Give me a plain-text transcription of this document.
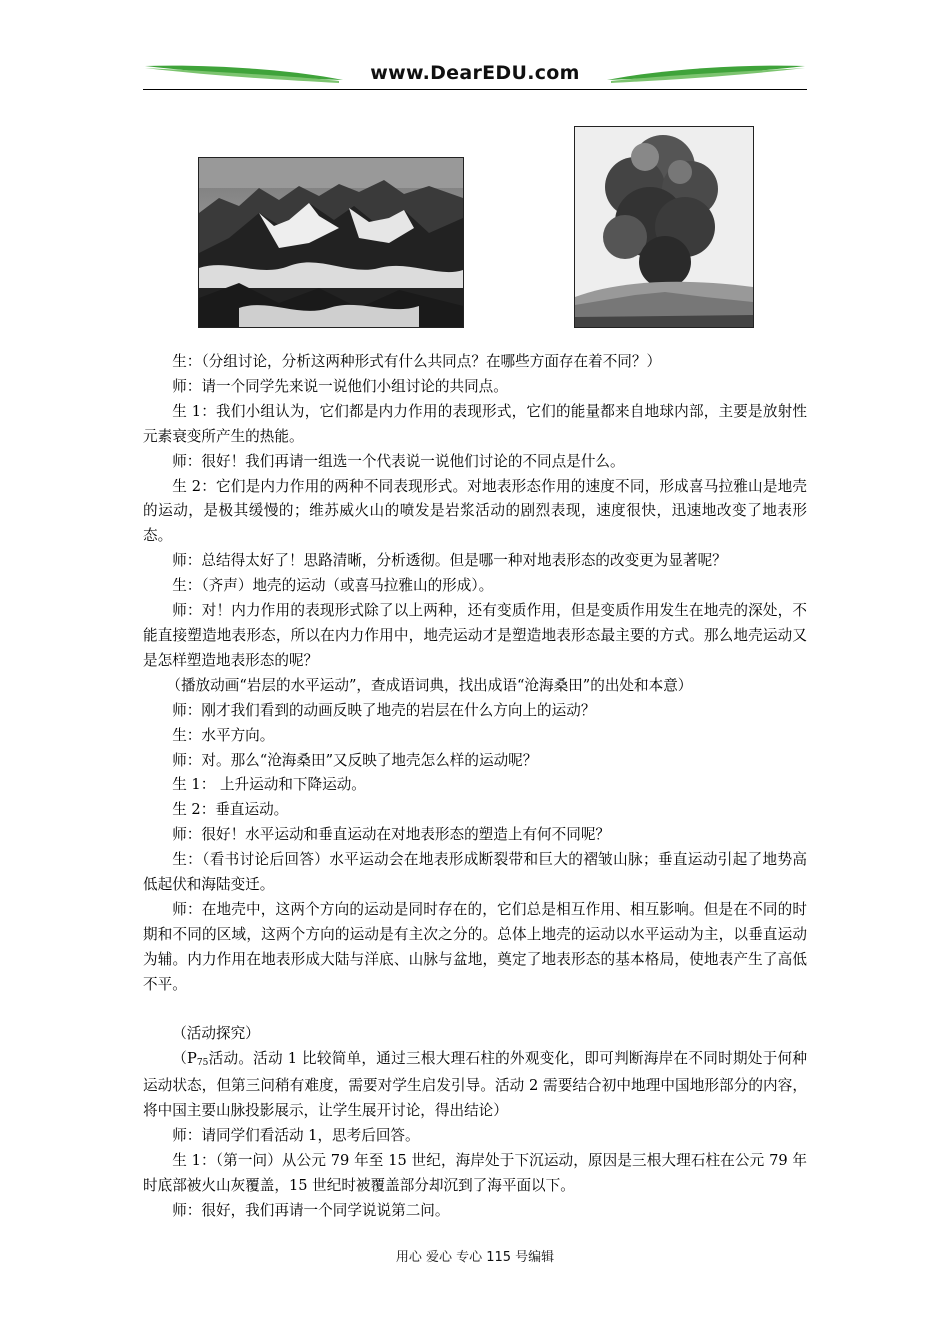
www.DearEDU.com

生：（分组讨论，分析这两种形式有什么共同点？在哪些方面存在着不同？）

师：请一个同学先来说一说他们小组讨论的共同点。

生 1：我们小组认为，它们都是内力作用的表现形式，它们的能量都来自地球内部，主要是放射性元素衰变所产生的热能。

师：很好！我们再请一组选一个代表说一说他们讨论的不同点是什么。

生 2：它们是内力作用的两种不同表现形式。对地表形态作用的速度不同，形成喜马拉雅山是地壳的运动，是极其缓慢的；维苏威火山的喷发是岩浆活动的剧烈表现，速度很快，迅速地改变了地表形态。

师：总结得太好了！思路清晰，分析透彻。但是哪一种对地表形态的改变更为显著呢？

生：（齐声）地壳的运动（或喜马拉雅山的形成）。

师：对！内力作用的表现形式除了以上两种，还有变质作用，但是变质作用发生在地壳的深处，不能直接塑造地表形态，所以在内力作用中，地壳运动才是塑造地表形态最主要的方式。那么地壳运动又是怎样塑造地表形态的呢？

（播放动画“岩层的水平运动”，查成语词典，找出成语“沧海桑田”的出处和本意）

师：刚才我们看到的动画反映了地壳的岩层在什么方向上的运动？

生：水平方向。

师：对。那么“沧海桑田”又反映了地壳怎么样的运动呢？

生 1： 上升运动和下降运动。

生 2：垂直运动。

师：很好！水平运动和垂直运动在对地表形态的塑造上有何不同呢？

生：（看书讨论后回答）水平运动会在地表形成断裂带和巨大的褶皱山脉；垂直运动引起了地势高低起伏和海陆变迁。

师：在地壳中，这两个方向的运动是同时存在的，它们总是相互作用、相互影响。但是在不同的时期和不同的区域，这两个方向的运动是有主次之分的。总体上地壳的运动以水平运动为主，以垂直运动为辅。内力作用在地表形成大陆与洋底、山脉与盆地，奠定了地表形态的基本格局，使地表产生了高低不平。

（活动探究）

（$P_{75}$活动。活动 1 比较简单，通过三根大理石柱的外观变化，即可判断海岸在不同时期处于何种运动状态，但第三问稍有难度，需要对学生启发引导。活动 2 需要结合初中地理中国地形部分的内容，将中国主要山脉投影展示，让学生展开讨论，得出结论）

师：请同学们看活动 1，思考后回答。

生 1：（第一问）从公元 79 年至 15 世纪，海岸处于下沉运动，原因是三根大理石柱在公元 79 年时底部被火山灰覆盖，15 世纪时被覆盖部分却沉到了海平面以下。

师：很好，我们再请一个同学说说第二问。

用心 爱心 专心 115 号编辑
